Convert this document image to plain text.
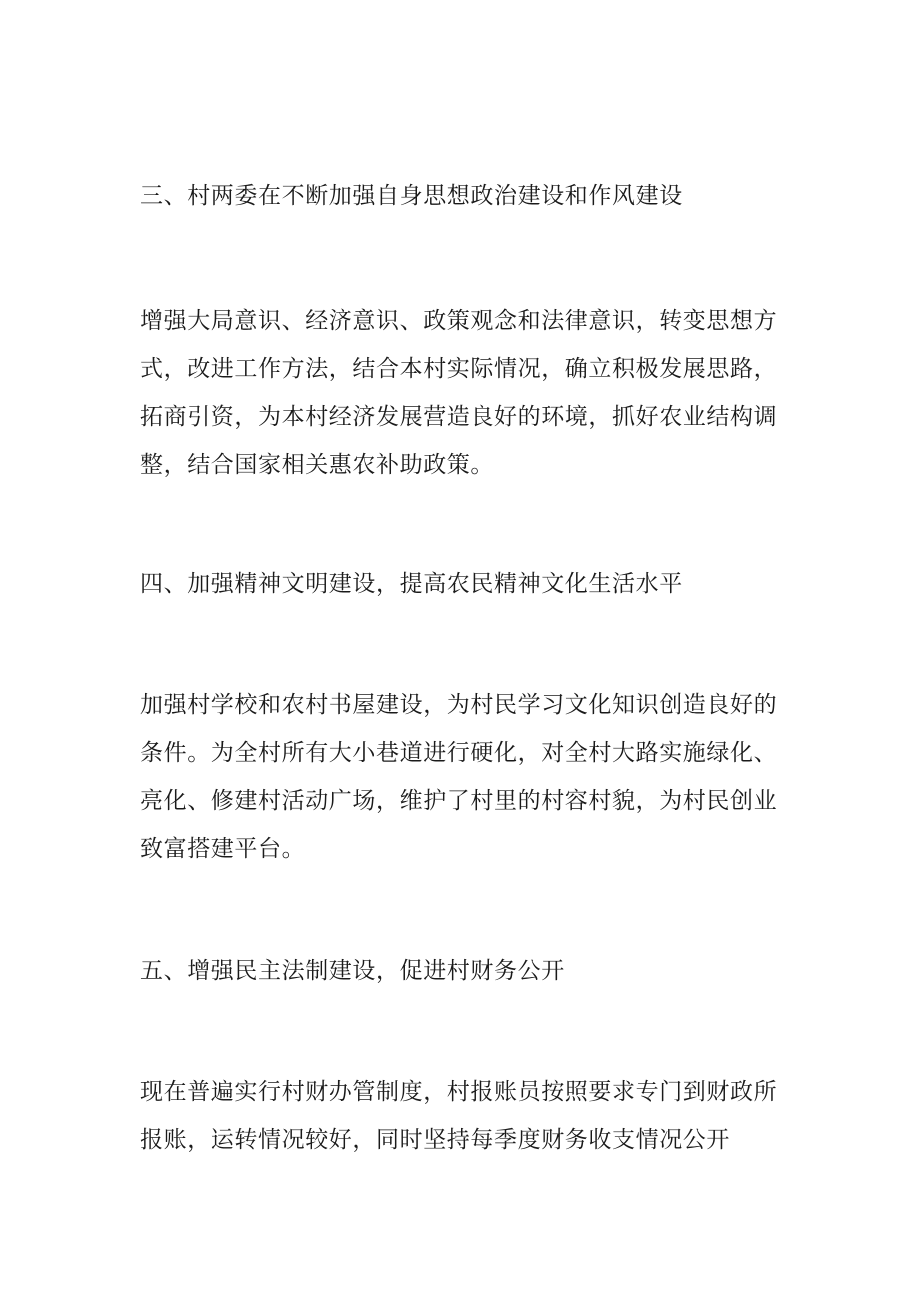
三、村两委在不断加强自身思想政治建设和作风建设

增强大局意识、经济意识、政策观念和法律意识，转变思想方式，改进工作方法，结合本村实际情况，确立积极发展思路，拓商引资，为本村经济发展营造良好的环境，抓好农业结构调整，结合国家相关惠农补助政策。

四、加强精神文明建设，提高农民精神文化生活水平

加强村学校和农村书屋建设，为村民学习文化知识创造良好的条件。为全村所有大小巷道进行硬化，对全村大路实施绿化、亮化、修建村活动广场，维护了村里的村容村貌，为村民创业致富搭建平台。

五、增强民主法制建设，促进村财务公开

现在普遍实行村财办管制度，村报账员按照要求专门到财政所报账，运转情况较好，同时坚持每季度财务收支情况公开
